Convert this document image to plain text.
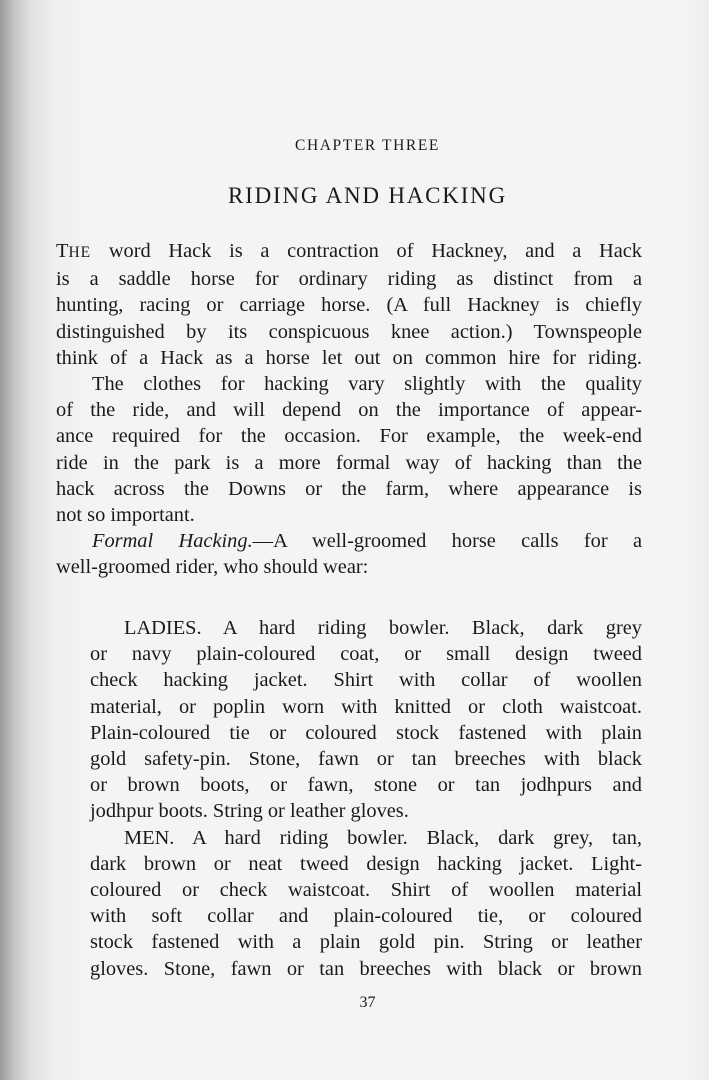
CHAPTER THREE
RIDING AND HACKING
THE word Hack is a contraction of Hackney, and a Hack
is a saddle horse for ordinary riding as distinct from a
hunting, racing or carriage horse. (A full Hackney is chiefly
distinguished by its conspicuous knee action.) Townspeople
think of a Hack as a horse let out on common hire for riding.
The clothes for hacking vary slightly with the quality
of the ride, and will depend on the importance of appear-
ance required for the occasion. For example, the week-end
ride in the park is a more formal way of hacking than the
hack across the Downs or the farm, where appearance is
not so important.
Formal Hacking.—A well-groomed horse calls for a
well-groomed rider, who should wear:
LADIES. A hard riding bowler. Black, dark grey
or navy plain-coloured coat, or small design tweed
check hacking jacket. Shirt with collar of woollen
material, or poplin worn with knitted or cloth waistcoat.
Plain-coloured tie or coloured stock fastened with plain
gold safety-pin. Stone, fawn or tan breeches with black
or brown boots, or fawn, stone or tan jodhpurs and
jodhpur boots. String or leather gloves.
MEN. A hard riding bowler. Black, dark grey, tan,
dark brown or neat tweed design hacking jacket. Light-
coloured or check waistcoat. Shirt of woollen material
with soft collar and plain-coloured tie, or coloured
stock fastened with a plain gold pin. String or leather
gloves. Stone, fawn or tan breeches with black or brown
37
